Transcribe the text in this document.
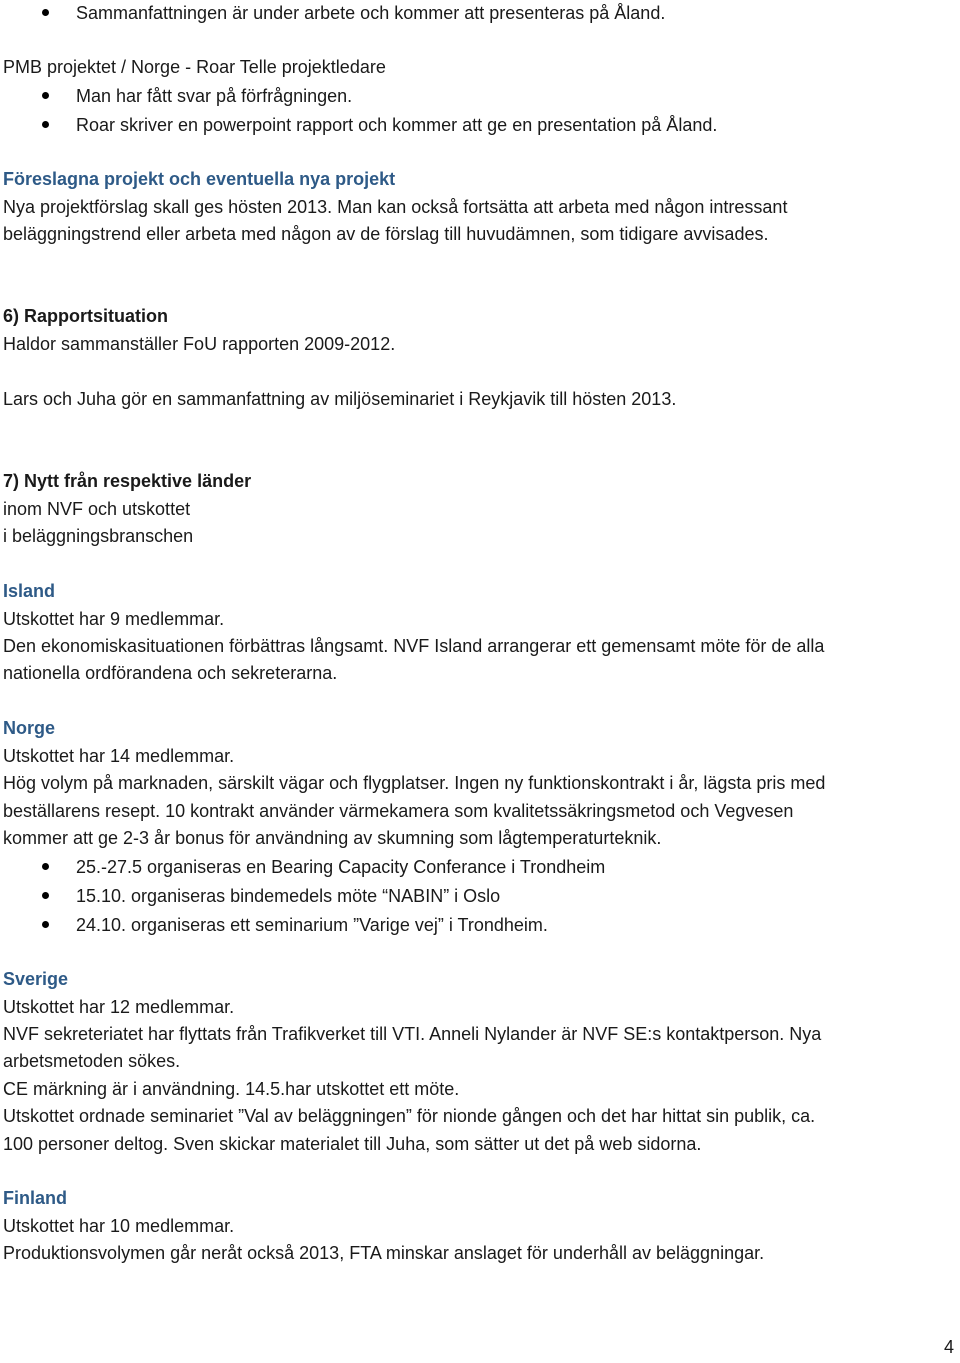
Sammanfattningen är under arbete och kommer att presenteras på Åland.
PMB projektet / Norge - Roar Telle projektledare
Man har fått svar på förfrågningen.
Roar skriver en powerpoint rapport och kommer att ge en presentation på Åland.
Föreslagna projekt och eventuella nya projekt
Nya projektförslag skall ges hösten 2013. Man kan också fortsätta att arbeta med någon intressant
beläggningstrend eller arbeta med någon av de förslag till huvudämnen, som tidigare avvisades.
6) Rapportsituation
Haldor sammanställer FoU rapporten 2009-2012.
Lars och Juha gör en sammanfattning av miljöseminariet i Reykjavik till hösten 2013.
7) Nytt från respektive länder
inom NVF och utskottet
i beläggningsbranschen
Island
Utskottet har 9 medlemmar.
Den ekonomiskasituationen förbättras långsamt. NVF Island arrangerar ett gemensamt möte för de alla
nationella ordförandena och sekreterarna.
Norge
Utskottet har 14 medlemmar.
Hög volym på marknaden, särskilt vägar och flygplatser. Ingen ny funktionskontrakt i år, lägsta pris med
beställarens resept. 10 kontrakt använder värmekamera som kvalitetssäkringsmetod och Vegvesen
kommer att ge 2-3 år bonus för användning av skumning som lågtemperaturteknik.
25.-27.5 organiseras en Bearing Capacity Conferance i Trondheim
15.10. organiseras bindemedels möte “NABIN” i Oslo
24.10. organiseras ett seminarium ”Varige vej” i Trondheim.
Sverige
Utskottet har 12 medlemmar.
NVF sekreteriatet har flyttats från Trafikverket till VTI. Anneli Nylander är NVF SE:s kontaktperson. Nya
arbetsmetoden sökes.
CE märkning är i användning. 14.5.har utskottet ett möte.
Utskottet ordnade seminariet ”Val av beläggningen” för nionde gången och det har hittat sin publik, ca.
100 personer deltog. Sven skickar materialet till Juha, som sätter ut det på web sidorna.
Finland
Utskottet har 10 medlemmar.
Produktionsvolymen går neråt också 2013, FTA minskar anslaget för underhåll av beläggningar.
4
